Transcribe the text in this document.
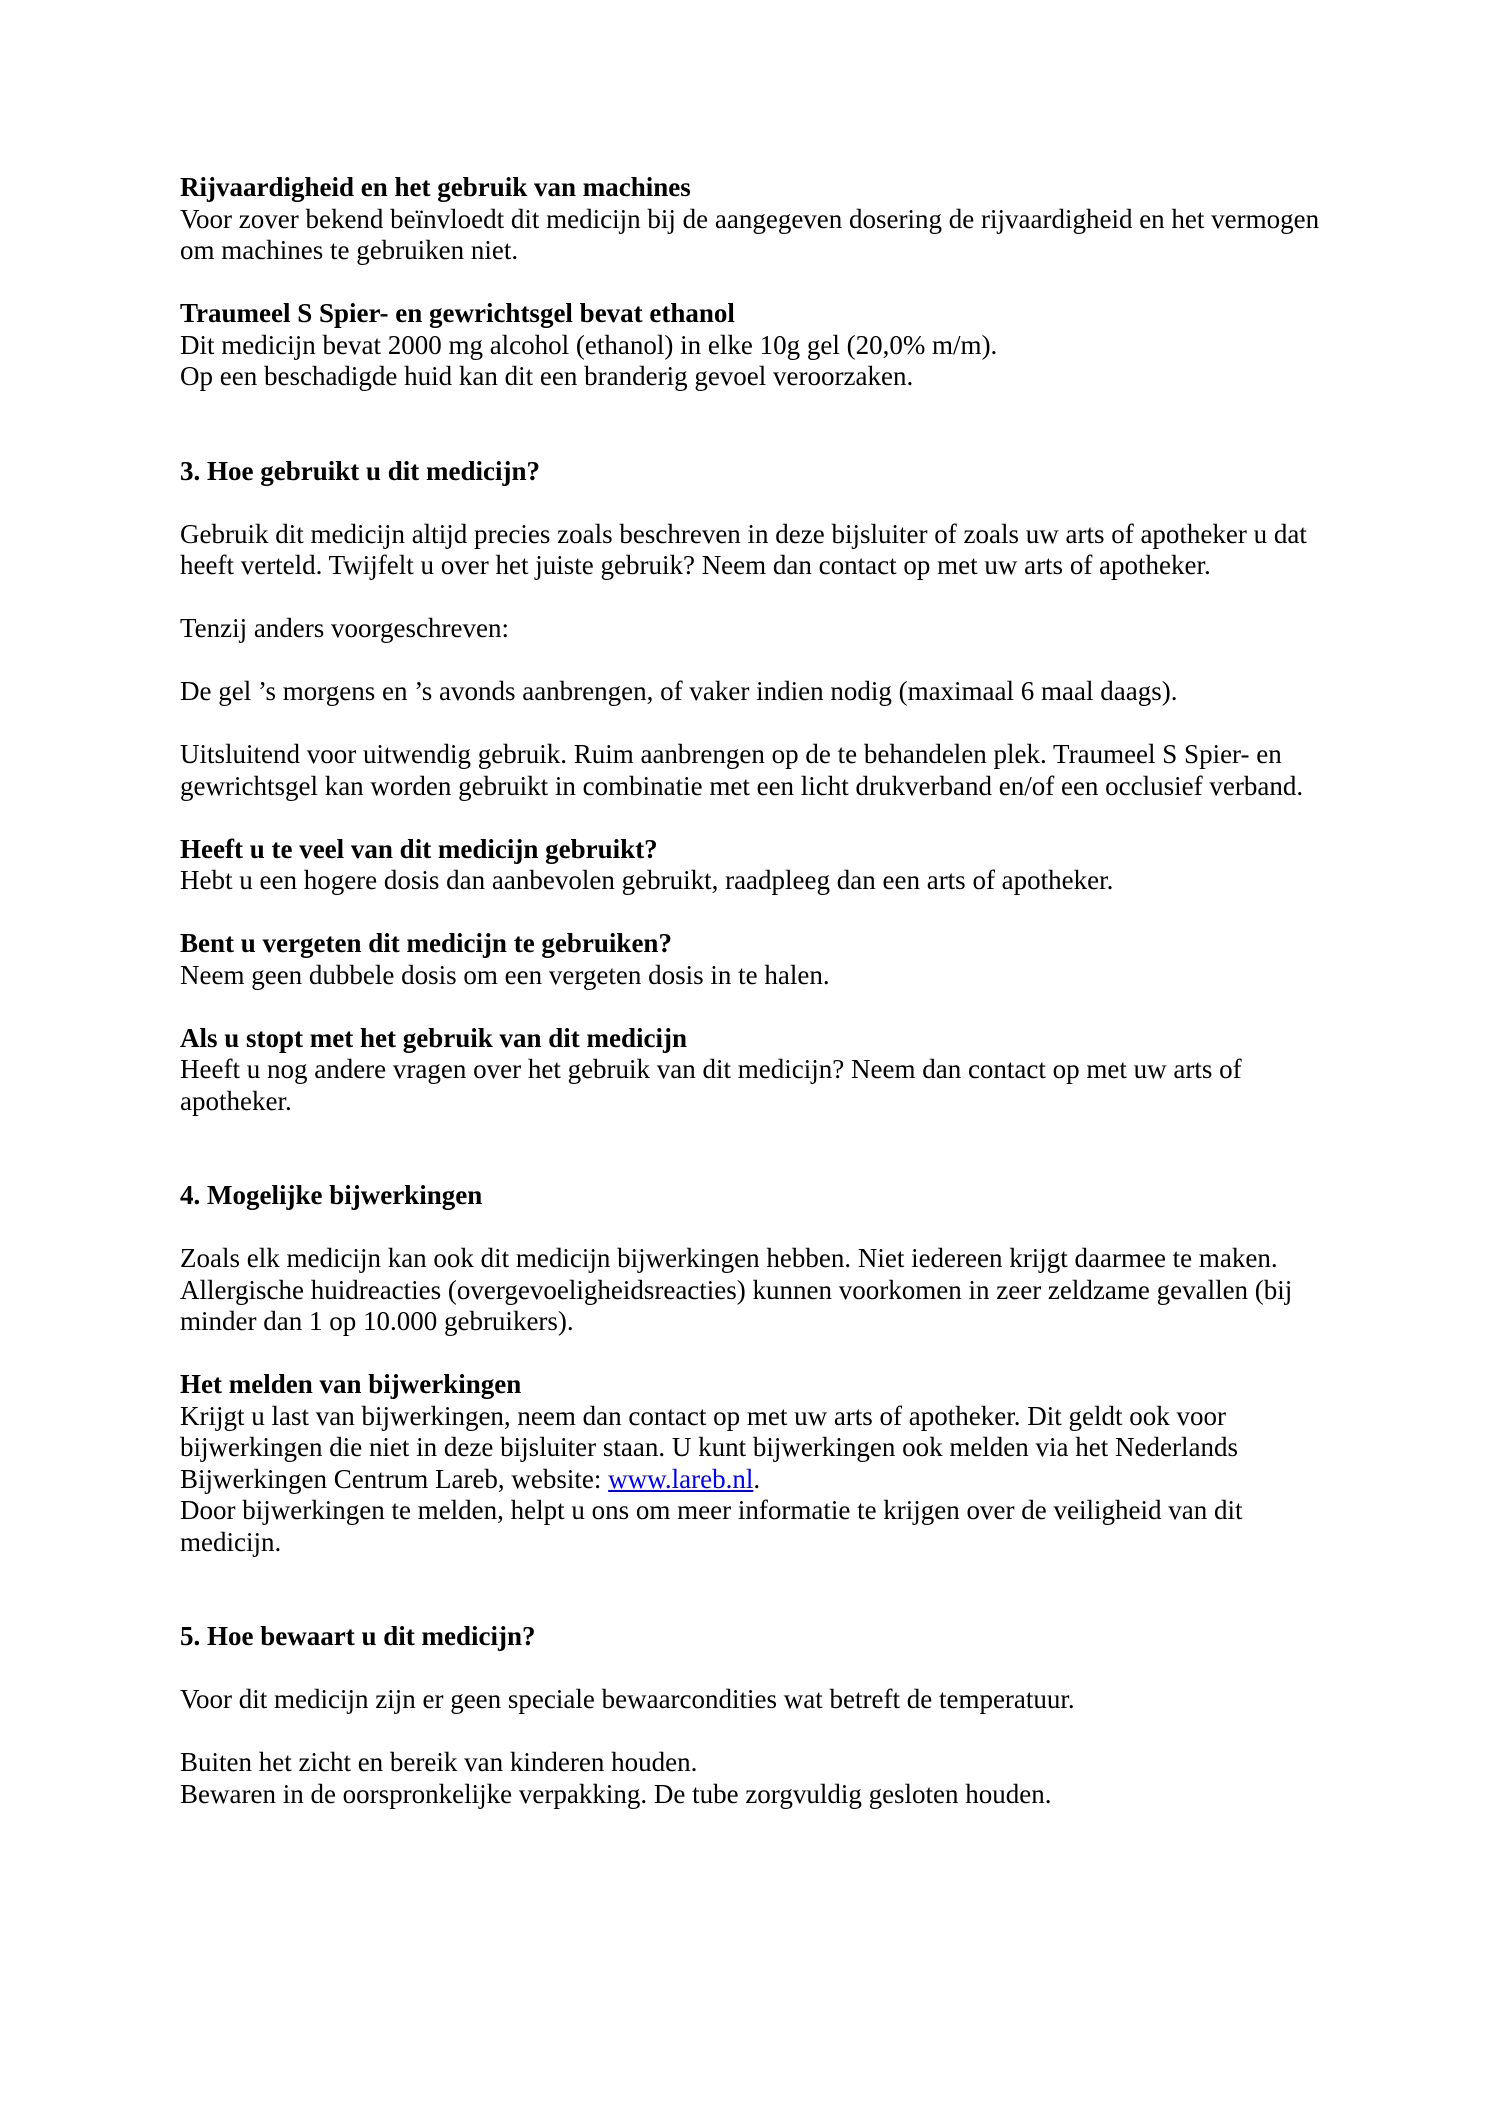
Rijvaardigheid en het gebruik van machines

Voor zover bekend beïnvloedt dit medicijn bij de aangegeven dosering de rijvaardigheid en het vermogen om machines te gebruiken niet.

Traumeel S Spier- en gewrichtsgel bevat ethanol

Dit medicijn bevat 2000 mg alcohol (ethanol) in elke 10g gel (20,0% m/m).

Op een beschadigde huid kan dit een branderig gevoel veroorzaken.

3. Hoe gebruikt u dit medicijn?

Gebruik dit medicijn altijd precies zoals beschreven in deze bijsluiter of zoals uw arts of apotheker u dat heeft verteld. Twijfelt u over het juiste gebruik? Neem dan contact op met uw arts of apotheker.

Tenzij anders voorgeschreven:

De gel ’s morgens en ’s avonds aanbrengen, of vaker indien nodig (maximaal 6 maal daags).

Uitsluitend voor uitwendig gebruik. Ruim aanbrengen op de te behandelen plek. Traumeel S Spier- en gewrichtsgel kan worden gebruikt in combinatie met een licht drukverband en/of een occlusief verband.

Heeft u te veel van dit medicijn gebruikt?

Hebt u een hogere dosis dan aanbevolen gebruikt, raadpleeg dan een arts of apotheker.

Bent u vergeten dit medicijn te gebruiken?

Neem geen dubbele dosis om een vergeten dosis in te halen.

Als u stopt met het gebruik van dit medicijn

Heeft u nog andere vragen over het gebruik van dit medicijn? Neem dan contact op met uw arts of apotheker.

4. Mogelijke bijwerkingen

Zoals elk medicijn kan ook dit medicijn bijwerkingen hebben. Niet iedereen krijgt daarmee te maken. Allergische huidreacties (overgevoeligheidsreacties) kunnen voorkomen in zeer zeldzame gevallen (bij minder dan 1 op 10.000 gebruikers).

Het melden van bijwerkingen

Krijgt u last van bijwerkingen, neem dan contact op met uw arts of apotheker. Dit geldt ook voor bijwerkingen die niet in deze bijsluiter staan. U kunt bijwerkingen ook melden via het Nederlands Bijwerkingen Centrum Lareb, website: www.lareb.nl.

Door bijwerkingen te melden, helpt u ons om meer informatie te krijgen over de veiligheid van dit medicijn.

5. Hoe bewaart u dit medicijn?

Voor dit medicijn zijn er geen speciale bewaarcondities wat betreft de temperatuur.

Buiten het zicht en bereik van kinderen houden.

Bewaren in de oorspronkelijke verpakking. De tube zorgvuldig gesloten houden.
